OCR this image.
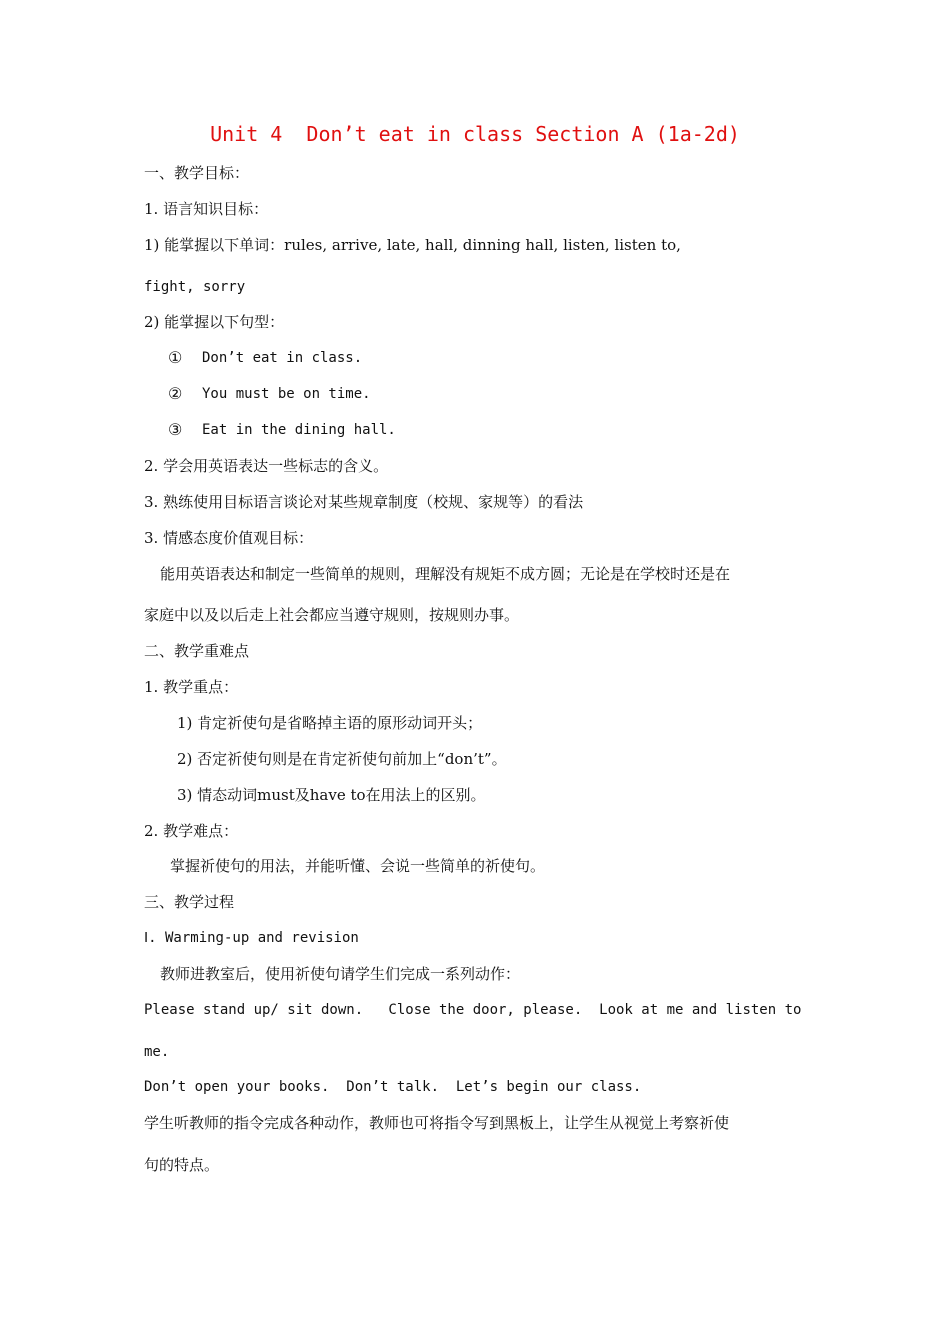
Unit 4  Don’t eat in class Section A (1a-2d)
一、教学目标：
1. 语言知识目标：
1) 能掌握以下单词：rules, arrive, late, hall, dinning hall, listen, listen to,
fight, sorry
2) 能掌握以下句型：
① Don’t eat in class.
② You must be on time.
③ Eat in the dining hall.
2. 学会用英语表达一些标志的含义。
3. 熟练使用目标语言谈论对某些规章制度（校规、家规等）的看法
3. 情感态度价值观目标：
能用英语表达和制定一些简单的规则，理解没有规矩不成方圆；无论是在学校时还是在
家庭中以及以后走上社会都应当遵守规则，按规则办事。
二、教学重难点
1. 教学重点：
1) 肯定祈使句是省略掉主语的原形动词开头；
2) 否定祈使句则是在肯定祈使句前加上“don’t”。
3) 情态动词must及have to在用法上的区别。
2. 教学难点：
掌握祈使句的用法，并能听懂、会说一些简单的祈使句。
三、教学过程
Ⅰ. Warming-up and revision
教师进教室后，使用祈使句请学生们完成一系列动作：
Please stand up/ sit down.   Close the door, please.  Look at me and listen to
me.
Don’t open your books.  Don’t talk.  Let’s begin our class.
学生听教师的指令完成各种动作，教师也可将指令写到黑板上，让学生从视觉上考察祈使
句的特点。
